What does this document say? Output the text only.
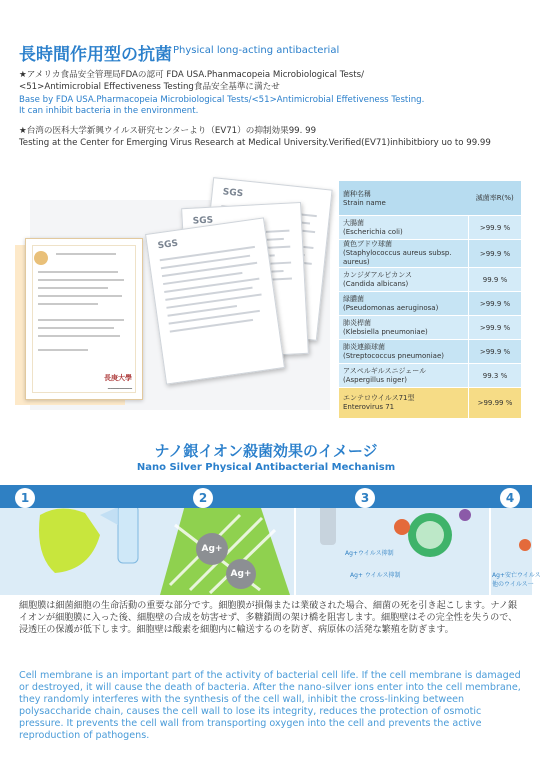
長時間作用型の抗菌 Physical long-acting antibacterial
★アメリカ食品安全管理局FDAの認可 FDA USA.Phanmacopeia Microbiological Tests/
<51>Antimicrobial Effectiveness Testing食品安全基準に満たせ
Base by FDA USA.Pharmacopeia Microbiological Tests/<51>Antimicrobial Effetiveness Testing.
It can inhibit bacteria in the environment.
★台湾の医科大学新興ウイルス研究センターより（EV71）の抑制効果99. 99
Testing at the Center for Emerging Virus Research at Medical University.Verified(EV71)inhibitbiory uo to 99.99
長庚大學
━━━━━━━━━━
SGS
SGS
SGS
菌种名稱
Strain name	滅菌率R(%)

大腸菌
(Escherichia coli)	>99.9 %

黄色ブドウ球菌
(Staphylococcus aureus subsp. aureus)	>99.9 %

カンジダアルビカンス
(Candida albicans)	99.9 %

緑膿菌
(Pseudomonas aeruginosa)	>99.9 %

肺炎桿菌
(Klebsiella pneumoniae)	>99.9 %

肺炎連鎖球菌
(Streptococcus pneumoniae)	>99.9 %

アスペルギルスニジェール
(Aspergillus niger)	99.3 %

エンテロウイルス71型
Enterovirus 71	>99.99 %
ナノ銀イオン殺菌効果のイメージ
Nano Silver Physical Antibacterial Mechanism
1	2	3	4
Ag+
Ag+
Ag+ウイルス抑制
Ag+ ウイルス抑制	Ag+安亡ウイルス
他のウイルス一
細胞膜は細菌細胞の生命活動の重要な部分です。細胞膜が損傷または業破された場合、細菌の死を引き起こします。ナノ銀イオンが細胞膜に入った後、細胞壁の合成を妨害せず、多糖鎖間の架け橋を阻害します。細胞壁はその完全性を失うので、浸透圧の保護が低下します。細胞壁は酸素を細胞内に輸送するのを防ぎ、病原体の活発な繁殖を防ぎます。
Cell membrane is an important part of the activity of bacterial cell life. If the cell membrane is damaged or destroyed, it will cause the death of bacteria. After the nano-silver ions enter into the cell membrane, they randomly interferes with the synthesis of the cell wall, inhibit the cross-linking between polysaccharide chain, causes the cell wall to lose its integrity, reduces the protection of osmotic pressure. It prevents the cell wall from transporting oxygen into the cell and prevents the active reproduction of pathogens.
